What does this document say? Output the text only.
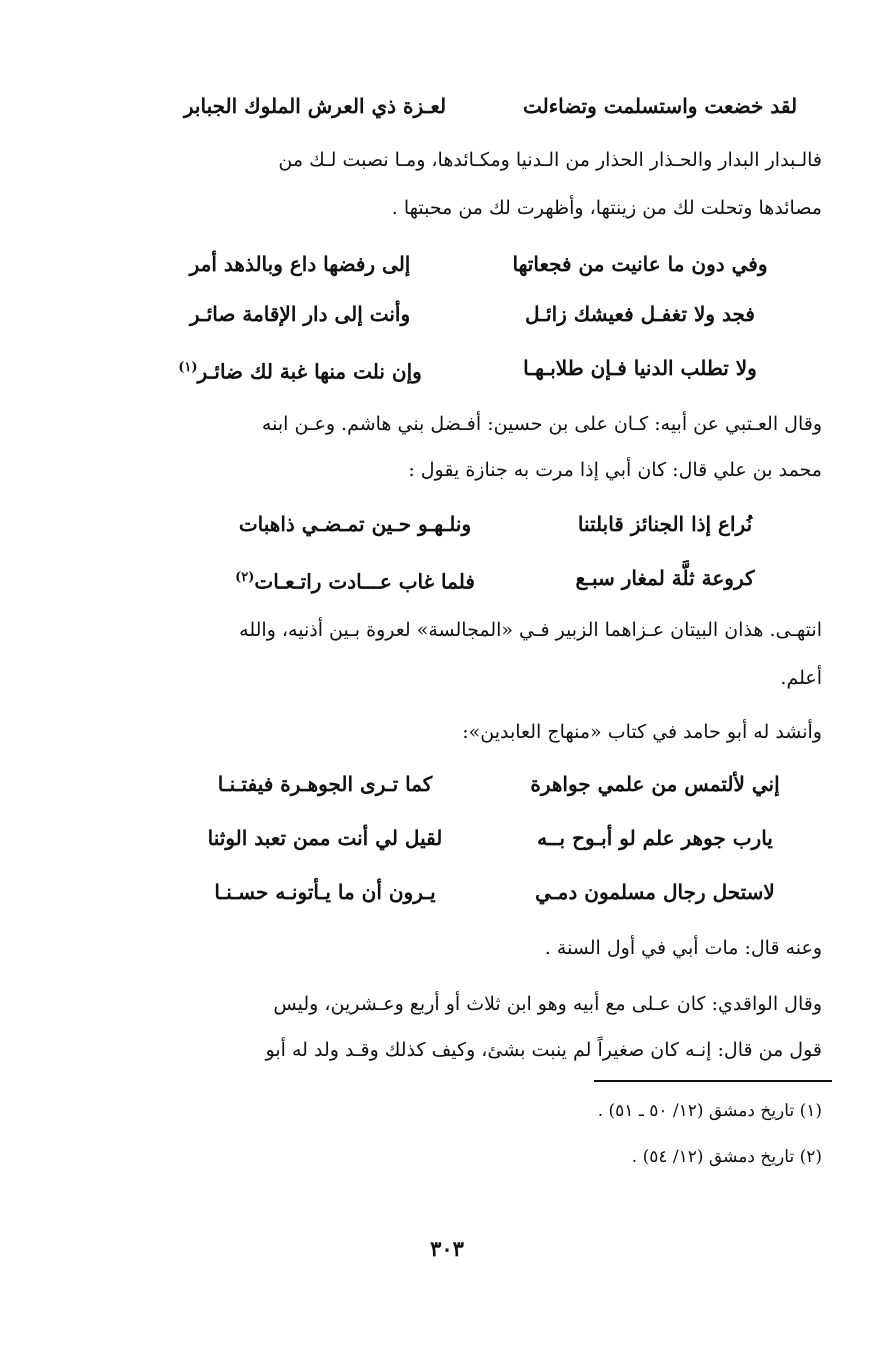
لقد خضعت واستسلمت وتضاءلت
لعـزة ذي العرش الملوك الجبابر
فالـبدار البدار والحـذار الحذار من الـدنيا ومكـائدها، ومـا نصبت لـك من
مصائدها وتحلت لك من زينتها، وأظهرت لك من محبتها .
وفي دون ما عانيت من فجعاتها
إلى رفضها داع وبالذهد أمر
فجد ولا تغفـل فعيشك زائـل
وأنت إلى دار الإقامة صائـر
ولا تطلب الدنيا فـإن طلابـهـا
وإن نلت منها غبة لك ضائـر$^{(١)}$
وقال العـتبي عن أبيه: كـان على بن حسين: أفـضل بني هاشم. وعـن ابنه
محمد بن علي قال: كان أبي إذا مرت به جنازة يقول :
نُراع إذا الجنائز قابلتنا
ونلـهـو حـين تمـضـي ذاهبات
كروعة ثلَّة لمغار سبـع
فلما غاب عـــادت راتـعـات$^{(٢)}$
انتهـى. هذان البيتان عـزاهما الزبير فـي «المجالسة» لعروة بـين أذنيه، والله
أعلم.
وأنشد له أبو حامد في كتاب «منهاج العابدين»:
إني لألتمس من علمي جواهرة
كما تـرى الجوهـرة فيفتـنـا
يارب جوهر علم لو أبـوح بــه
لقيل لي أنت ممن تعبد الوثنا
لاستحل رجال مسلمون دمـي
يـرون أن ما يـأتونـه حسـنـا
وعنه قال: مات أبي في أول السنة .
وقال الواقدي: كان عـلى مع أبيه وهو ابن ثلاث أو أربع وعـشرين، وليس
قول من قال: إنـه كان صغيراً لم ينبت بشئ، وكيف كذلك وقـد ولد له أبو
(١) تاريخ دمشق (١٢/ ٥٠ ـ ٥١) .
(٢) تاريخ دمشق (١٢/ ٥٤) .
٣٠٣
